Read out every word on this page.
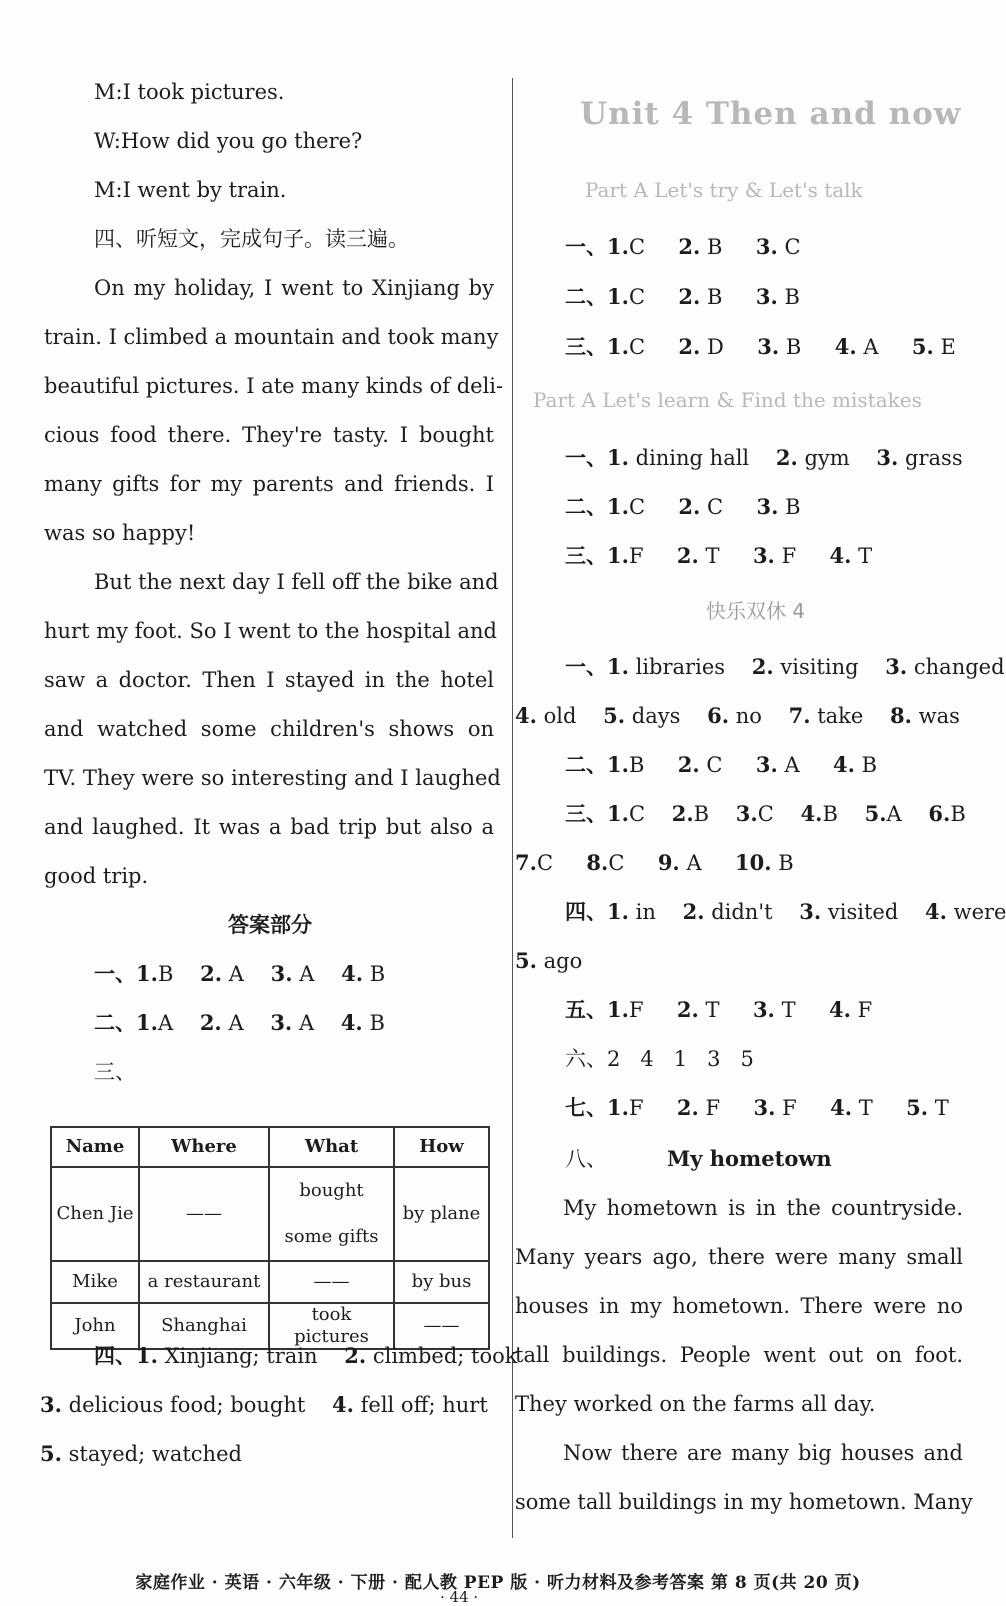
M:I took pictures.
W:How did you go there?
M:I went by train.
四、听短文，完成句子。读三遍。
On my holiday, I went to Xinjiang by
train. I climbed a mountain and took many
beautiful pictures. I ate many kinds of deli-
cious food there. They're tasty. I bought
many gifts for my parents and friends. I
was so happy!
But the next day I fell off the bike and
hurt my foot. So I went to the hospital and
saw a doctor. Then I stayed in the hotel
and watched some children's shows on
TV. They were so interesting and I laughed
and laughed. It was a bad trip but also a
good trip.
答案部分
一、1.B 2. A 3. A 4. B
二、1.A 2. A 3. A 4. B
三、
Name	Where	What	How
Chen Jie	——	bought some gifts	by plane
Mike	a restaurant	——	by bus
John	Shanghai	took pictures	——
四、1. Xinjiang; train 2. climbed; took
3. delicious food; bought 4. fell off; hurt
5. stayed; watched
Unit 4 Then and now
Part A Let's try & Let's talk
一、1.C 2. B 3. C
二、1.C 2. B 3. B
三、1.C 2. D 3. B 4. A 5. E
Part A Let's learn & Find the mistakes
一、1. dining hall 2. gym 3. grass
二、1.C 2. C 3. B
三、1.F 2. T 3. F 4. T
快乐双休 4
一、1. libraries 2. visiting 3. changed
4. old 5. days 6. no 7. take 8. was
二、1.B 2. C 3. A 4. B
三、1.C 2.B 3.C 4.B 5.A 6.B
7.C 8.C 9. A 10. B
四、1. in 2. didn't 3. visited 4. were
5. ago
五、1.F 2. T 3. T 4. F
六、2   4   1   3   5
七、1.F 2. F 3. F 4. T 5. T
八、	My hometown
My hometown is in the countryside.
Many years ago, there were many small
houses in my hometown. There were no
tall buildings. People went out on foot.
They worked on the farms all day.
Now there are many big houses and
some tall buildings in my hometown. Many
家庭作业 · 英语 · 六年级 · 下册 · 配人教 PEP 版 · 听力材料及参考答案 第 8 页(共 20 页)
· 44 ·
